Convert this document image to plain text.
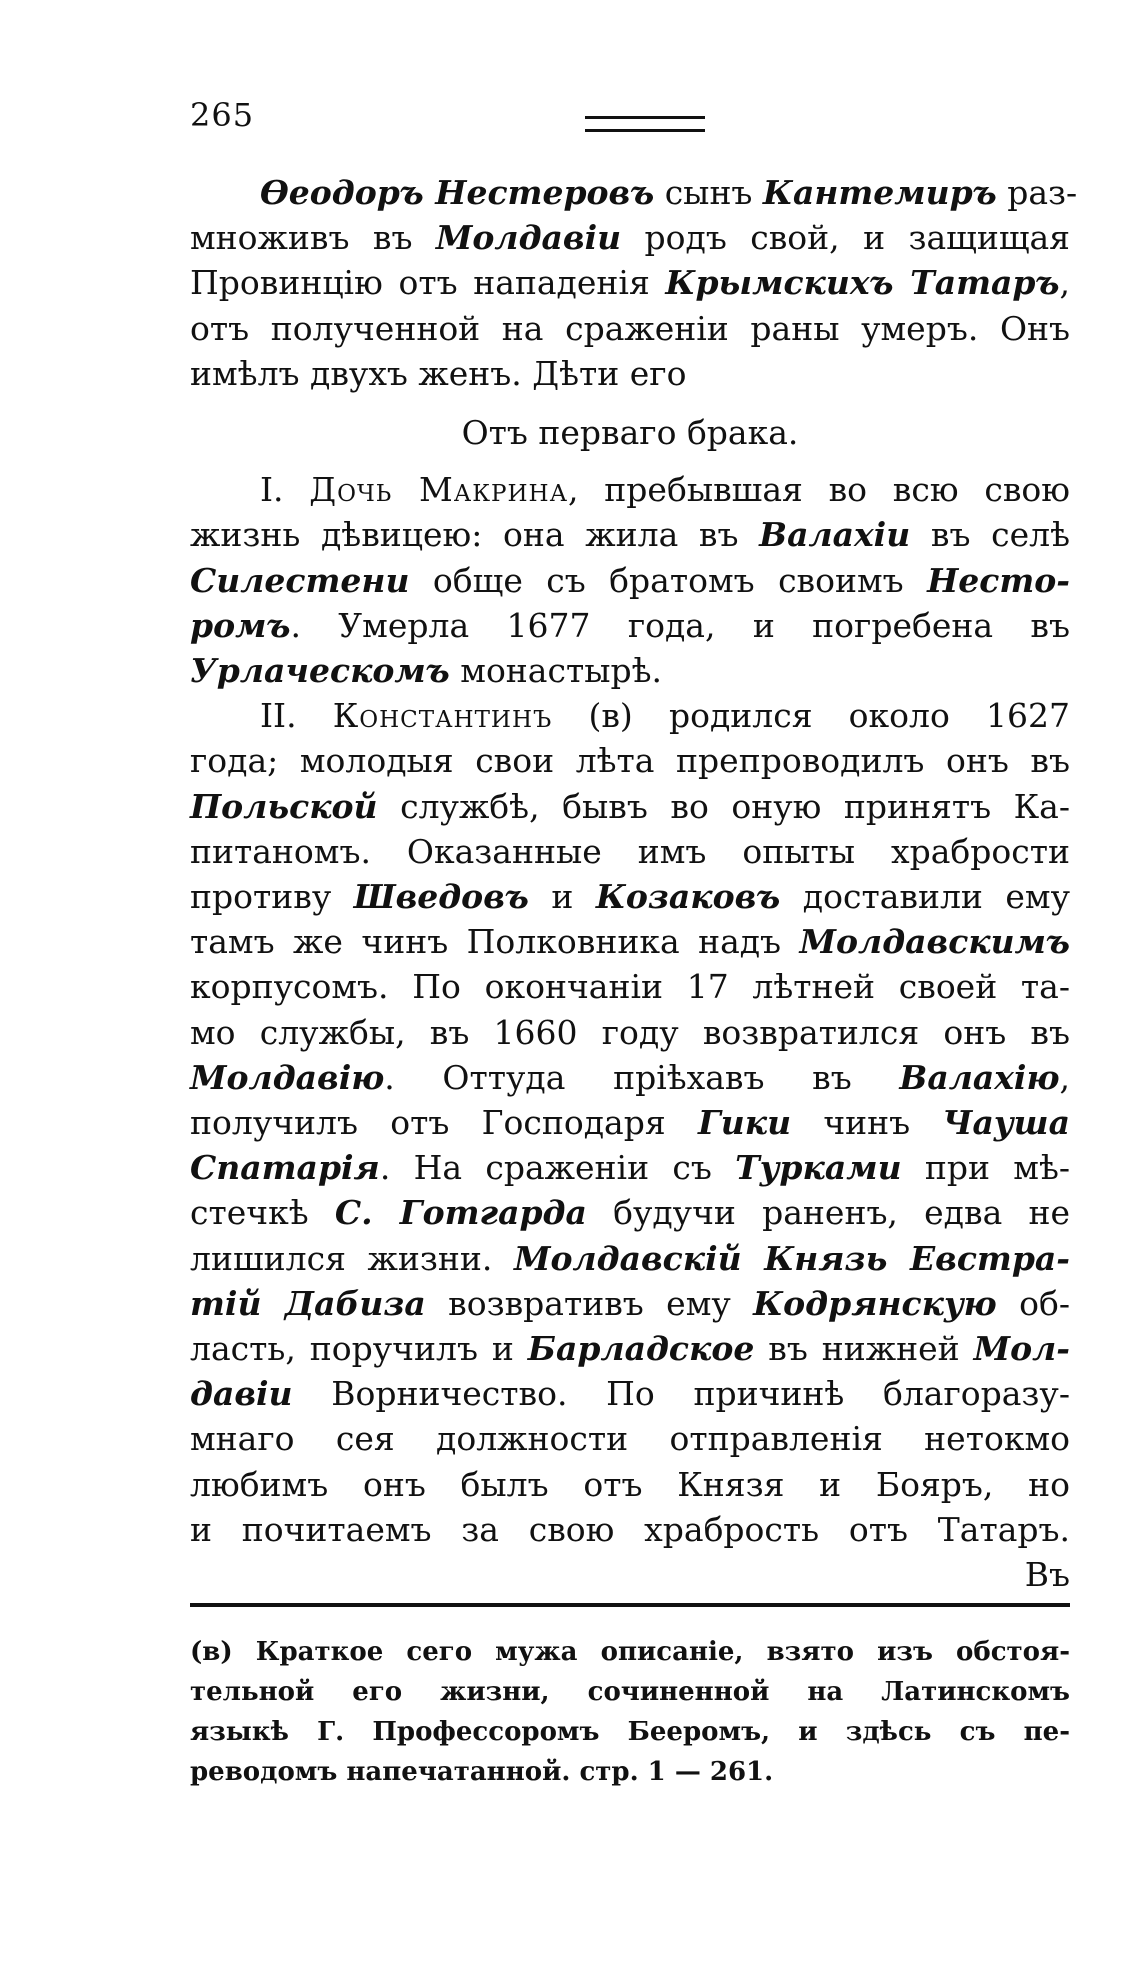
265
Ѳеодоръ Нестеровъ сынъ Кантемиръ раз-
множивъ въ Молдавіи родъ свой, и защищая
Провинцію отъ нападенія Крымскихъ Татаръ,
отъ полученной на сраженіи раны умеръ. Онъ
имѣлъ двухъ женъ. Дѣти его
Отъ перваго брака.
I. Дочь Макрина, пребывшая во всю свою
жизнь дѣвицею: она жила въ Валахіи въ селѣ
Силестени обще съ братомъ своимъ Несто-
ромъ. Умерла 1677 года, и погребена въ
Урлаческомъ монастырѣ.
II. Константинъ (в) родился около 1627
года; молодыя свои лѣта препроводилъ онъ въ
Польской службѣ, бывъ во оную принятъ Ка-
питаномъ. Оказанные имъ опыты храбрости
противу Шведовъ и Козаковъ доставили ему
тамъ же чинъ Полковника надъ Молдавскимъ
корпусомъ. По окончаніи 17 лѣтней своей та-
мо службы, въ 1660 году возвратился онъ въ
Молдавію. Оттуда пріѣхавъ въ Валахію,
получилъ отъ Господаря Гики чинъ Чауша
Спатарія. На сраженіи съ Турками при мѣ-
стечкѣ С. Готгарда будучи раненъ, едва не
лишился жизни. Молдавскій Князь Евстра-
тій Дабиза возвративъ ему Кодрянскую об-
ласть, поручилъ и Барладское въ нижней Мол-
давіи Ворничество. По причинѣ благоразу-
мнаго сея должности отправленія нетокмо
любимъ онъ былъ отъ Князя и Бояръ, но
и почитаемъ за свою храбрость отъ Татаръ.
Въ
(в) Краткое сего мужа описаніе, взято изъ обстоя-
тельной его жизни, сочиненной на Латинскомъ
языкѣ Г. Профессоромъ Бееромъ, и здѣсь съ пе-
реводомъ напечатанной. стр. 1 — 261.
